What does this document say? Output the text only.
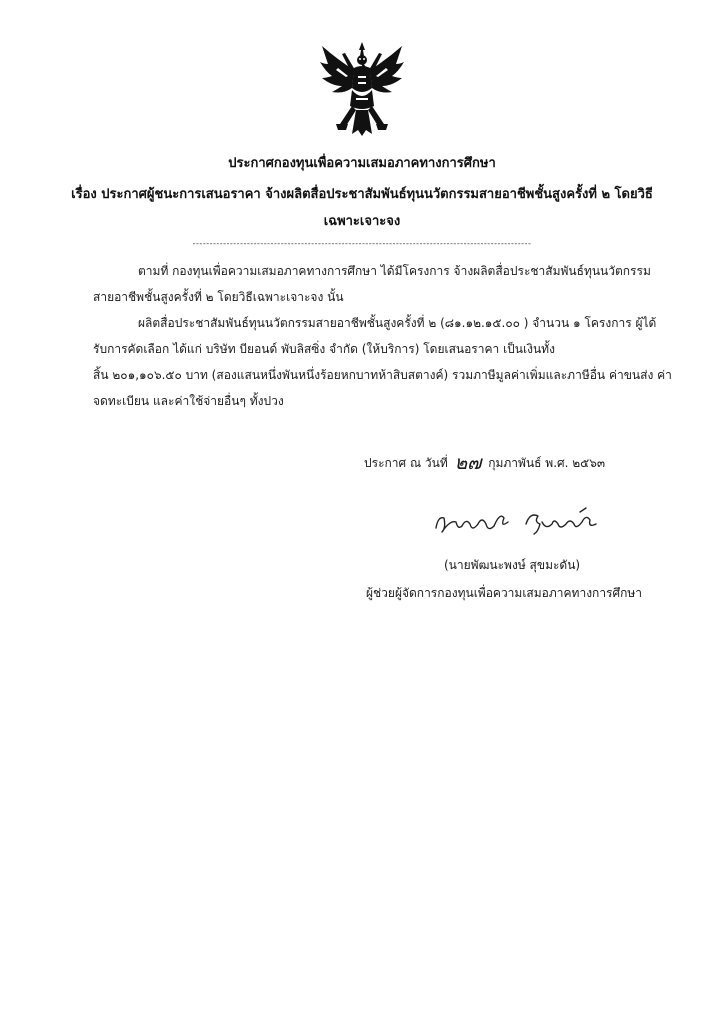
ประกาศกองทุนเพื่อความเสมอภาคทางการศึกษา
เรื่อง ประกาศผู้ชนะการเสนอราคา จ้างผลิตสื่อประชาสัมพันธ์ทุนนวัตกรรมสายอาชีพชั้นสูงครั้งที่ ๒ โดยวิธี
เฉพาะเจาะจง
----------------------------------------------------------------------------------------------------
ตามที่ กองทุนเพื่อความเสมอภาคทางการศึกษา ได้มีโครงการ จ้างผลิตสื่อประชาสัมพันธ์ทุนนวัตกรรม
สายอาชีพชั้นสูงครั้งที่ ๒ โดยวิธีเฉพาะเจาะจง นั้น
ผลิตสื่อประชาสัมพันธ์ทุนนวัตกรรมสายอาชีพชั้นสูงครั้งที่ ๒ (๘๑.๑๒.๑๕.๐๐ ) จำนวน ๑ โครงการ ผู้ได้
รับการคัดเลือก ได้แก่ บริษัท บียอนด์ พับลิสซิ่ง จำกัด (ให้บริการ) โดยเสนอราคา เป็นเงินทั้ง
สิ้น ๒๐๑,๑๐๖.๕๐ บาท (สองแสนหนึ่งพันหนึ่งร้อยหกบาทห้าสิบสตางค์) รวมภาษีมูลค่าเพิ่มและภาษีอื่น ค่าขนส่ง ค่า
จดทะเบียน และค่าใช้จ่ายอื่นๆ ทั้งปวง
ประกาศ ณ วันที่ ๒๗ กุมภาพันธ์ พ.ศ. ๒๕๖๓
(นายพัฒนะพงษ์ สุขมะดัน)
ผู้ช่วยผู้จัดการกองทุนเพื่อความเสมอภาคทางการศึกษา
